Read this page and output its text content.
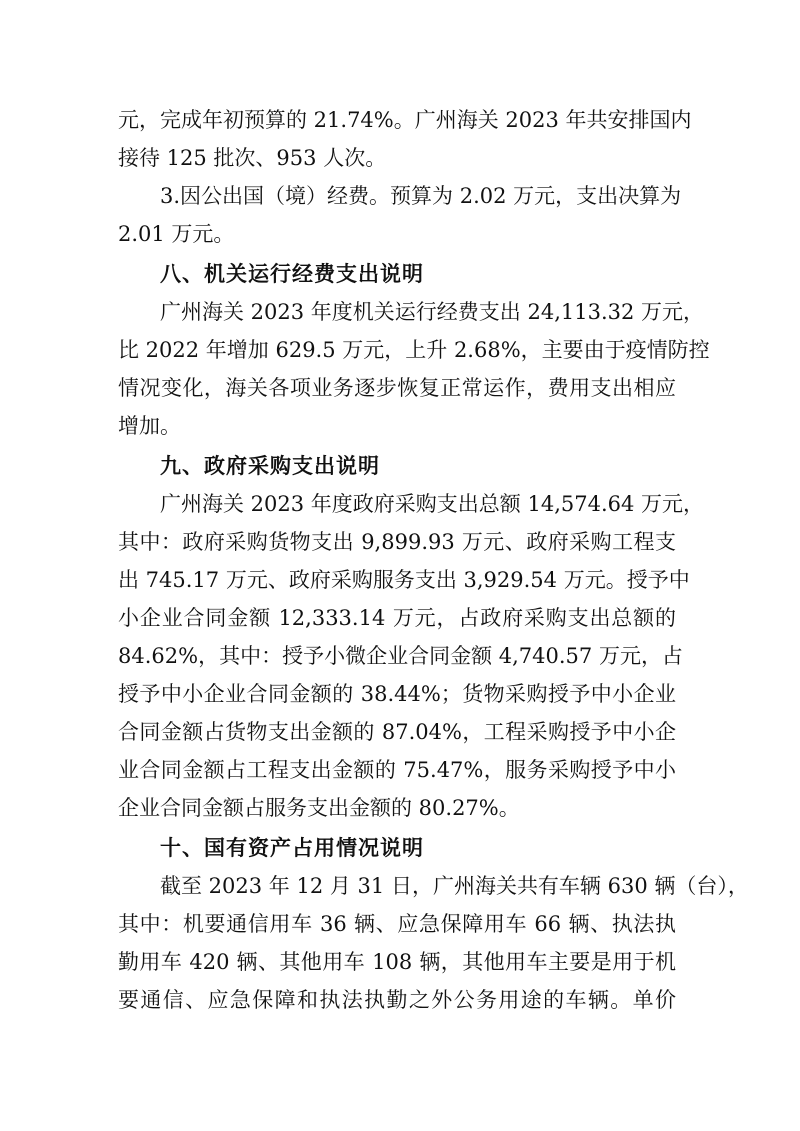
元，完成年初预算的 21.74%。广州海关 2023 年共安排国内
接待 125 批次、953 人次。
3.因公出国（境）经费。预算为 2.02 万元，支出决算为
2.01 万元。
八、机关运行经费支出说明
广州海关 2023 年度机关运行经费支出 24,113.32 万元，
比 2022 年增加 629.5 万元，上升 2.68%，主要由于疫情防控
情况变化，海关各项业务逐步恢复正常运作，费用支出相应
增加。
九、政府采购支出说明
广州海关 2023 年度政府采购支出总额 14,574.64 万元，
其中：政府采购货物支出 9,899.93 万元、政府采购工程支
出 745.17 万元、政府采购服务支出 3,929.54 万元。授予中
小企业合同金额 12,333.14 万元，占政府采购支出总额的
84.62%，其中：授予小微企业合同金额 4,740.57 万元，占
授予中小企业合同金额的 38.44%；货物采购授予中小企业
合同金额占货物支出金额的 87.04%，工程采购授予中小企
业合同金额占工程支出金额的 75.47%，服务采购授予中小
企业合同金额占服务支出金额的 80.27%。
十、国有资产占用情况说明
截至 2023 年 12 月 31 日，广州海关共有车辆 630 辆（台），
其中：机要通信用车 36 辆、应急保障用车 66 辆、执法执
勤用车 420 辆、其他用车 108 辆，其他用车主要是用于机
要通信、应急保障和执法执勤之外公务用途的车辆。单价
